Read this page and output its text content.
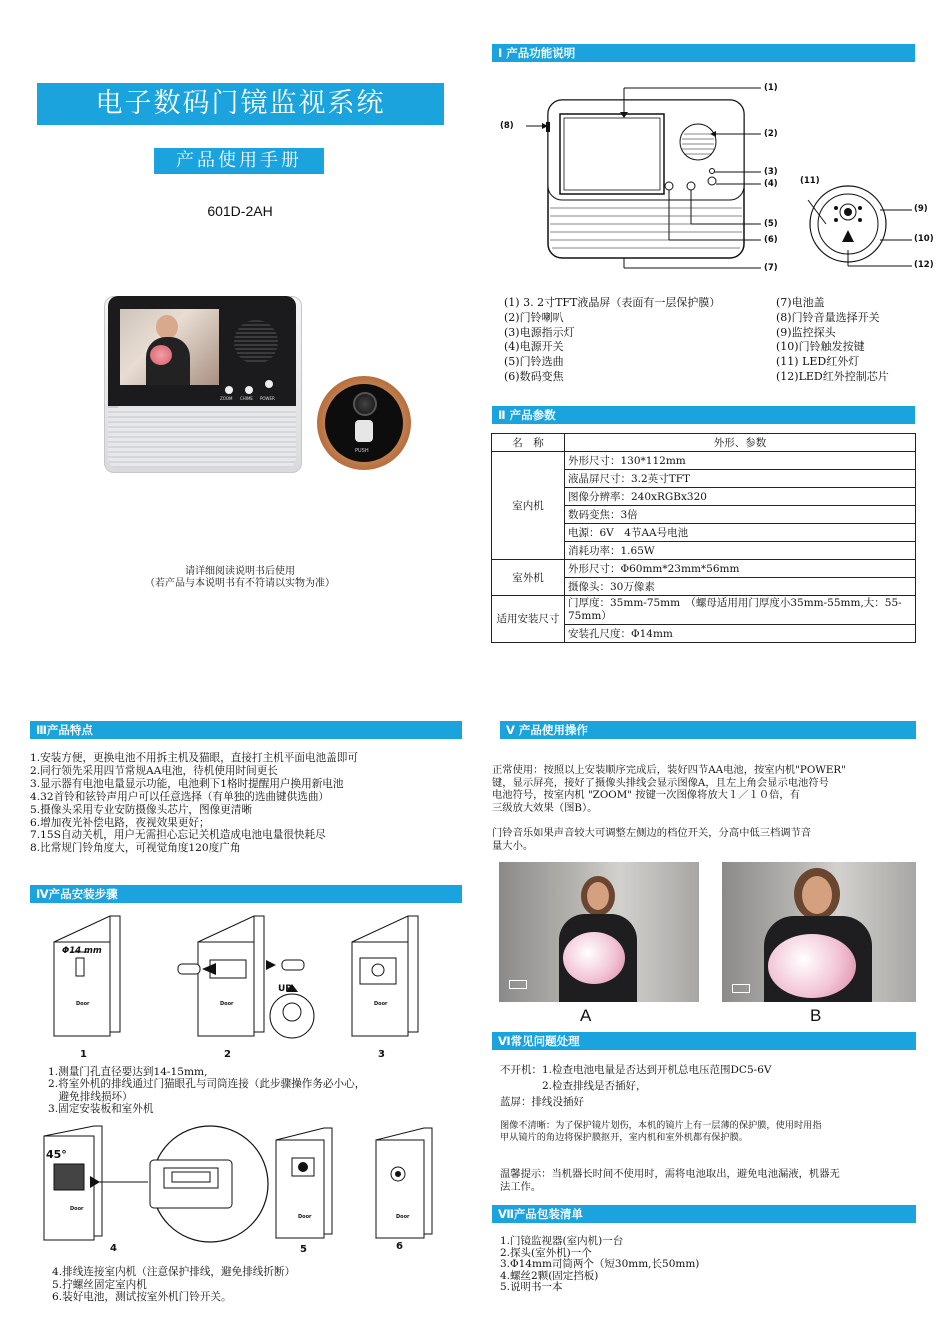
电子数码门镜监视系统
产品使用手册
601D-2AH
ZOOM CHIME POWER
PUSH
请详细阅读说明书后使用
（若产品与本说明书有不符请以实物为准）
Ⅰ 产品功能说明
(1)
(2)
(3)
(4)
(5)
(6)
(7)
(8)
(11)
(9)
(10)
(12)
(1) 3. 2寸TFT液晶屏（表面有一层保护膜）
(2)门铃喇叭
(3)电源指示灯
(4)电源开关
(5)门铃选曲
(6)数码变焦
(7)电池盖
(8)门铃音量选择开关
(9)监控探头
(10)门铃触发按键
(11) LED红外灯
(12)LED红外控制芯片
Ⅱ 产品参数
名　称	外形、参数
室内机	外形尺寸：130*112mm
	液晶屏尺寸：3.2英寸TFT
	图像分辨率：240xRGBx320
	数码变焦：3倍
	电源：6V　4节AA号电池
	消耗功率：1.65W
室外机	外形尺寸：Φ60mm*23mm*56mm
	摄像头：30万像素
适用安装尺寸	门厚度：35mm-75mm　（螺母适用用门厚度小35mm-55mm,大：55-75mm）
	安装孔尺度：Φ14mm
Ⅲ产品特点
1.安装方便，更换电池不用拆主机及猫眼，直接打主机平面电池盖即可
2.同行领先采用四节常规AA电池，待机使用时间更长
3.显示器有电池电量显示功能，电池剩下1格时提醒用户换用新电池
4.32首铃和铉铃声用户可以任意选择（有单独的选曲键供选曲）
5.摄像头采用专业安防摄像头芯片，图像更清晰
6.增加夜光补偿电路，夜视效果更好；
7.15S自动关机，用户无需担心忘记关机造成电池电量很快耗尽
8.比常规门铃角度大，可视觉角度120度广角
Ⅳ产品安装步骤
Φ14 mm
Door	Door	Door
UP
1	2	3
1.测量门孔直径要达到14-15mm,
2.将室外机的排线通过门猫眼孔与司筒连接（此步骤操作务必小心，
　避免排线损坏）
3.固定安装板和室外机
45°
Door
Door	Door
4	5	6
4.排线连接室内机（注意保护排线，避免排线折断）
5.拧螺丝固定室内机
6.装好电池，测试按室外机门铃开关。
Ⅴ 产品使用操作
正常使用：按照以上安装顺序完成后，装好四节AA电池，按室内机"POWER"
键，显示屏亮，接好了摄像头排线会显示图像A，且左上角会显示电池符号
电池符号，按室内机 "ZOOM" 按键一次图像将放大１／１０倍，有
三级放大效果（图B）。
门铃音乐如果声音较大可调整左侧边的档位开关，分高中低三档调节音
量大小。
A	B
Ⅵ常见问题处理
不开机：1.检查电池电量是否达到开机总电压范围DC5-6V
　　　　2.检查排线是否插好，
蓝屏：排线没插好
图像不清晰：为了保护镜片划伤，本机的镜片上有一层薄的保护膜，使用时用指
甲从镜片的角边将保护膜抠开，室内机和室外机都有保护膜。
温馨提示：当机器长时间不使用时，需将电池取出，避免电池漏液，机器无
法工作。
Ⅶ产品包装清单
1.门镜监视器(室内机)一台
2.探头(室外机)一个
3.Φ14mm司筒两个（短30mm,长50mm)
4.螺丝2颗(固定挡板)
5.说明书一本
